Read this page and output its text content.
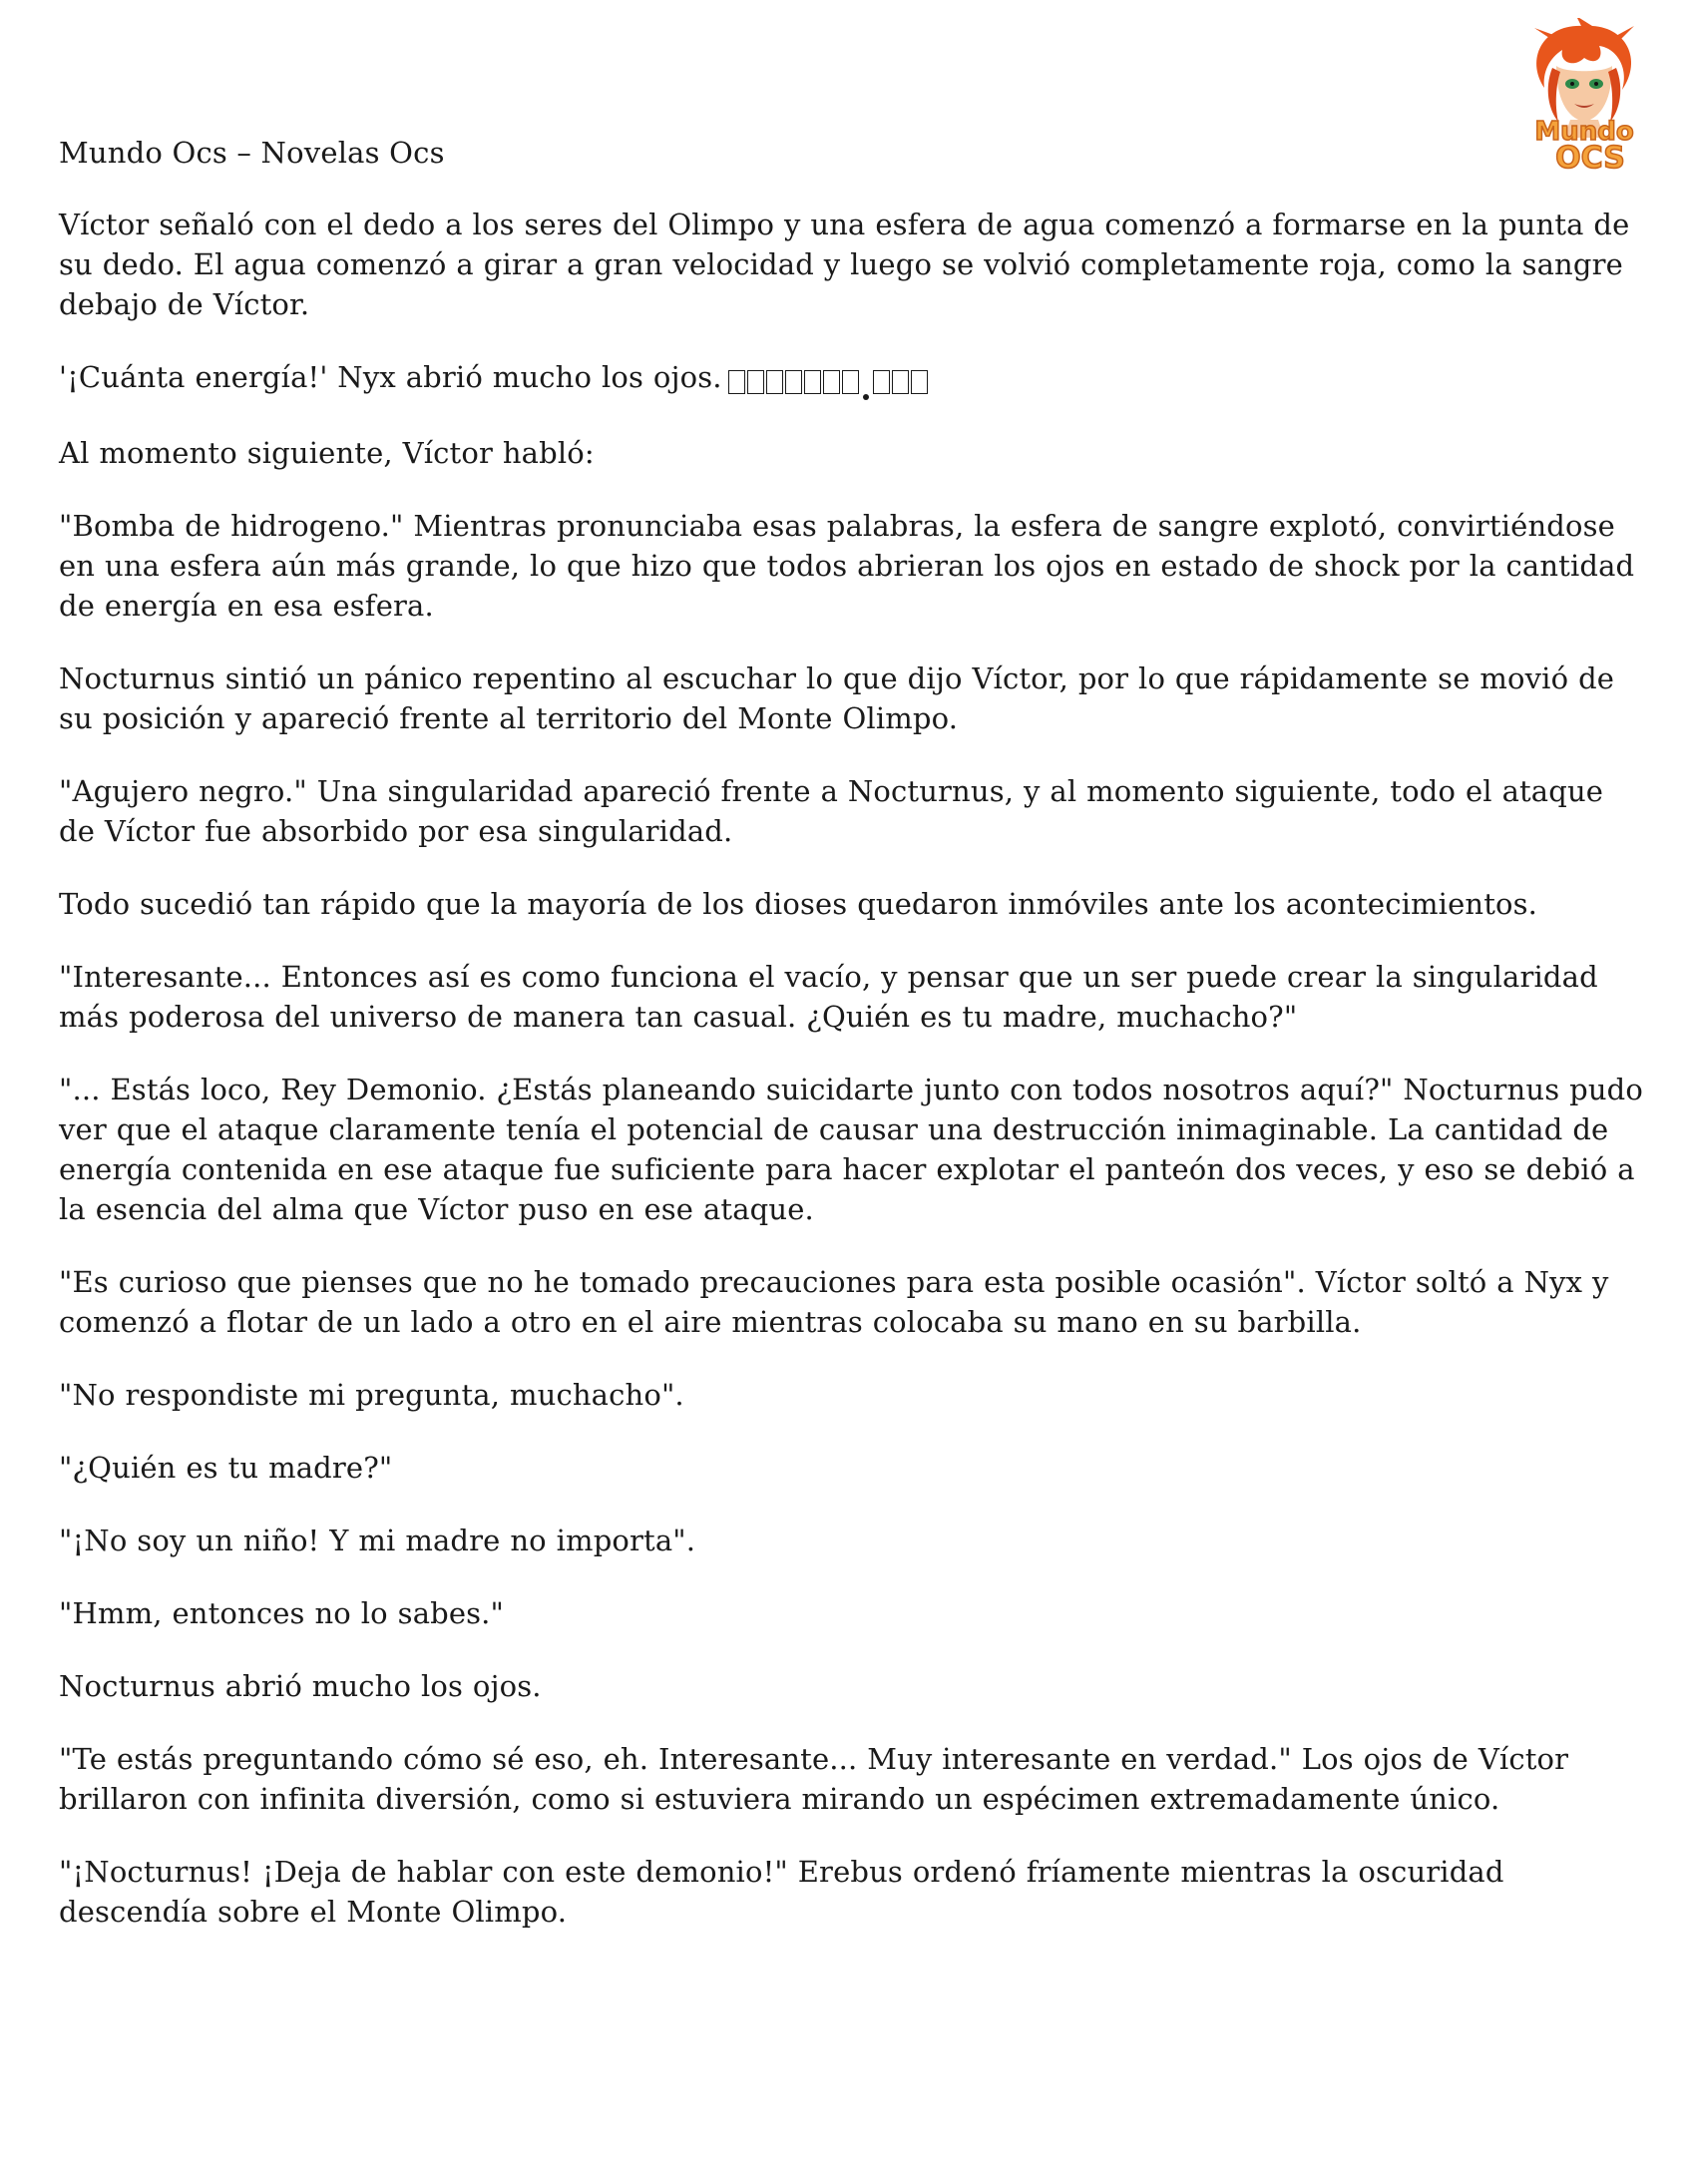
Mundo
OCS
Mundo Ocs – Novelas Ocs

Víctor señaló con el dedo a los seres del Olimpo y una esfera de agua comenzó a formarse en la punta de su dedo. El agua comenzó a girar a gran velocidad y luego se volvió completamente roja, como la sangre debajo de Víctor.

'¡Cuánta energía!' Nyx abrió mucho los ojos.

Al momento siguiente, Víctor habló:

"Bomba de hidrogeno." Mientras pronunciaba esas palabras, la esfera de sangre explotó, convirtiéndose en una esfera aún más grande, lo que hizo que todos abrieran los ojos en estado de shock por la cantidad de energía en esa esfera.

Nocturnus sintió un pánico repentino al escuchar lo que dijo Víctor, por lo que rápidamente se movió de su posición y apareció frente al territorio del Monte Olimpo.

"Agujero negro." Una singularidad apareció frente a Nocturnus, y al momento siguiente, todo el ataque de Víctor fue absorbido por esa singularidad.

Todo sucedió tan rápido que la mayoría de los dioses quedaron inmóviles ante los acontecimientos.

"Interesante... Entonces así es como funciona el vacío, y pensar que un ser puede crear la singularidad más poderosa del universo de manera tan casual. ¿Quién es tu madre, muchacho?"

"... Estás loco, Rey Demonio. ¿Estás planeando suicidarte junto con todos nosotros aquí?" Nocturnus pudo ver que el ataque claramente tenía el potencial de causar una destrucción inimaginable. La cantidad de energía contenida en ese ataque fue suficiente para hacer explotar el panteón dos veces, y eso se debió a la esencia del alma que Víctor puso en ese ataque.

"Es curioso que pienses que no he tomado precauciones para esta posible ocasión". Víctor soltó a Nyx y comenzó a flotar de un lado a otro en el aire mientras colocaba su mano en su barbilla.

"No respondiste mi pregunta, muchacho".

"¿Quién es tu madre?"

"¡No soy un niño! Y mi madre no importa".

"Hmm, entonces no lo sabes."

Nocturnus abrió mucho los ojos.

"Te estás preguntando cómo sé eso, eh. Interesante... Muy interesante en verdad." Los ojos de Víctor brillaron con infinita diversión, como si estuviera mirando un espécimen extremadamente único.

"¡Nocturnus! ¡Deja de hablar con este demonio!" Erebus ordenó fríamente mientras la oscuridad descendía sobre el Monte Olimpo.
